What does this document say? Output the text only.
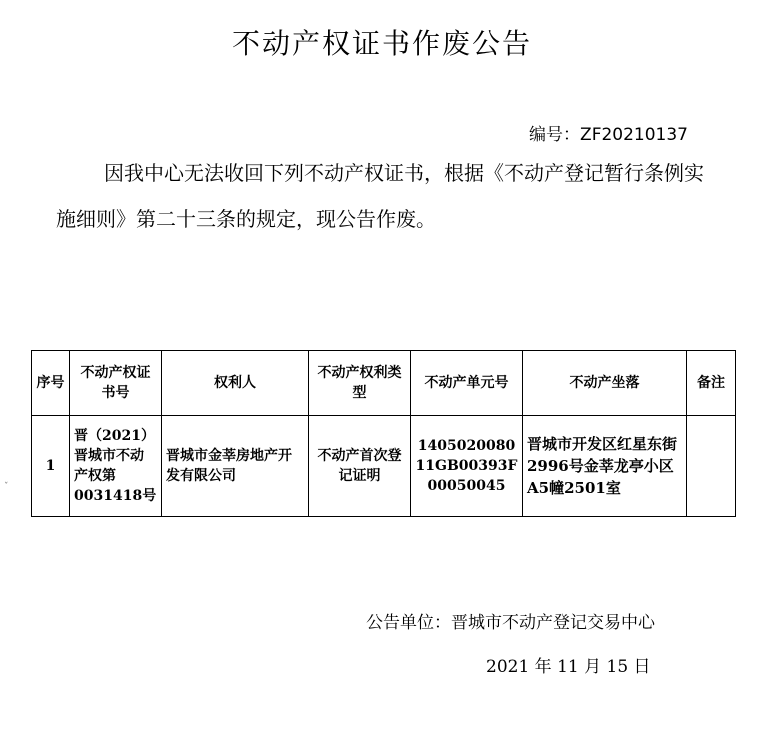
不动产权证书作废公告
编号：ZF20210137
因我中心无法收回下列不动产权证书，根据《不动产登记暂行条例实施细则》第二十三条的规定，现公告作废。
序号	不动产权证书号	权利人	不动产权利类型	不动产单元号	不动产坐落	备注
1	晋（2021）晋城市不动产权第0031418号	晋城市金莘房地产开发有限公司	不动产首次登记证明	140502008011GB00393F00050045	晋城市开发区红星东街2996号金莘龙亭小区A5幢2501室	
ˇ
公告单位：晋城市不动产登记交易中心
2021 年 11 月 15 日
